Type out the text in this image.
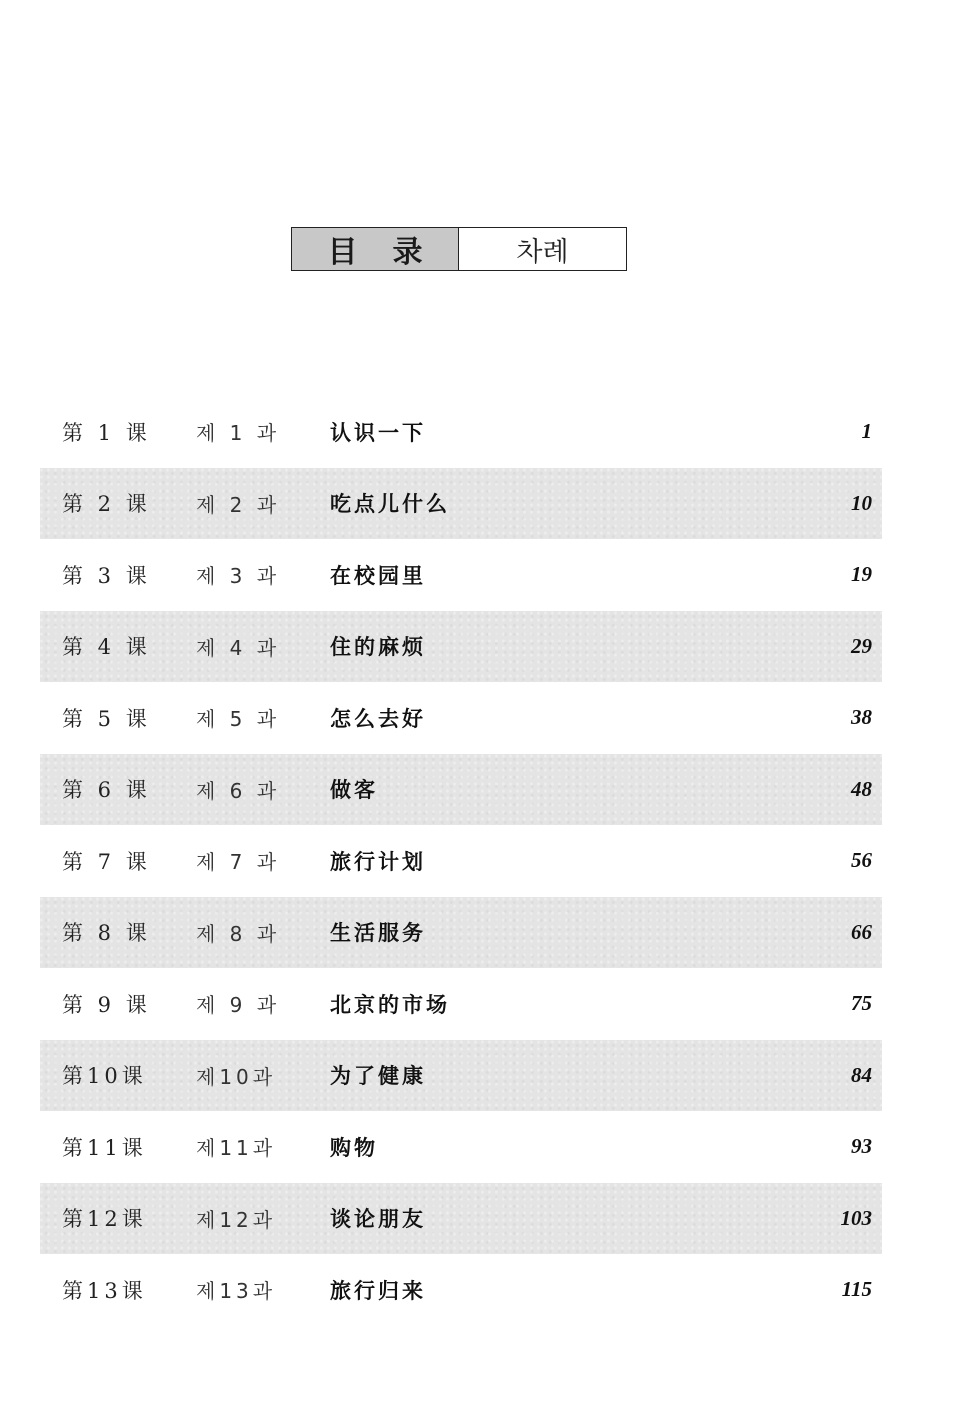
目 录	차례
第 1 课 제 1 과 认识一下	1
第 2 课 제 2 과 吃点儿什么	10
第 3 课 제 3 과 在校园里	19
第 4 课 제 4 과 住的麻烦	29
第 5 课 제 5 과 怎么去好	38
第 6 课 제 6 과 做客	48
第 7 课 제 7 과 旅行计划	56
第 8 课 제 8 과 生活服务	66
第 9 课 제 9 과 北京的市场	75
第10课 제10과	为了健康	84
第11课 제11과	购物	93
第12课 제12과	谈论朋友	103
第13课 제13과	旅行归来	115
